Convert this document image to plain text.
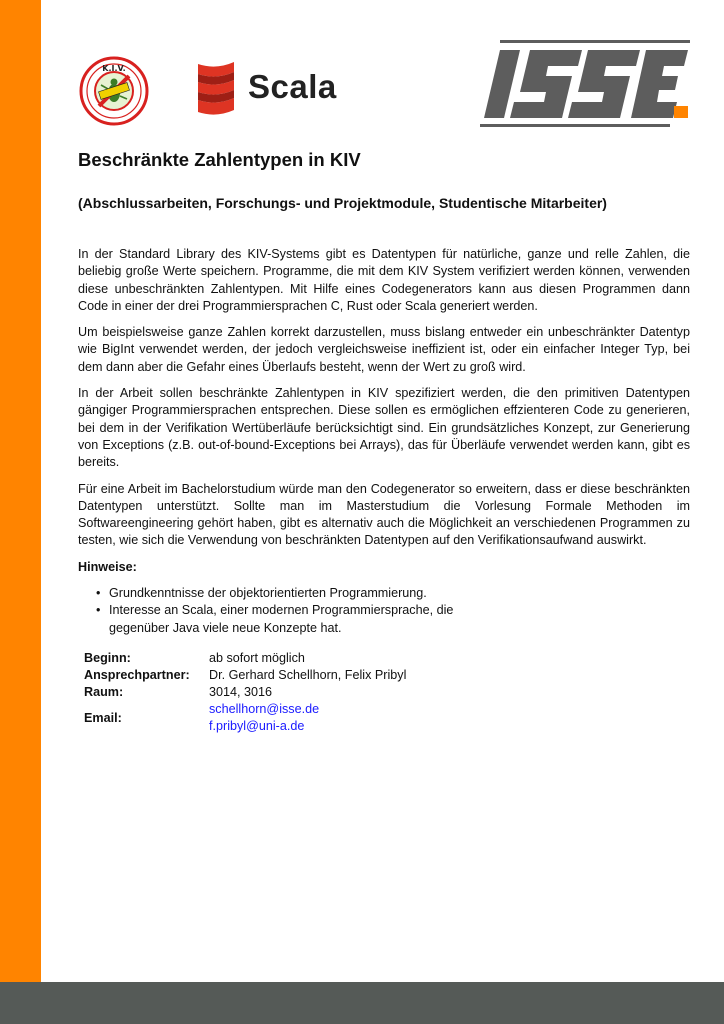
K.I.V.	Scala
Beschränkte Zahlentypen in KIV
(Abschlussarbeiten, Forschungs- und Projektmodule, Studentische Mitarbeiter)

In der Standard Library des KIV-Systems gibt es Datentypen für natürliche, ganze und relle Zahlen, die beliebig große Werte speichern. Programme, die mit dem KIV System verifiziert werden können, verwenden diese unbeschränkten Zahlentypen. Mit Hilfe eines Codegenerators kann aus diesen Programmen dann Code in einer der drei Programmiersprachen C, Rust oder Scala generiert werden.

Um beispielsweise ganze Zahlen korrekt darzustellen, muss bislang entweder ein unbeschränkter Datentyp wie BigInt verwendet werden, der jedoch vergleichsweise ineffizient ist, oder ein einfacher Integer Typ, bei dem dann aber die Gefahr eines Überlaufs besteht, wenn der Wert zu groß wird.

In der Arbeit sollen beschränkte Zahlentypen in KIV spezifiziert werden, die den primitiven Datentypen gängiger Programmiersprachen entsprechen. Diese sollen es ermöglichen effzienteren Code zu generieren, bei dem in der Verifikation Wertüberläufe berücksichtigt sind. Ein grundsätzliches Konzept, zur Generierung von Exceptions (z.B. out-of-bound-Exceptions bei Arrays), das für Überläufe verwendet werden kann, gibt es bereits.

Für eine Arbeit im Bachelorstudium würde man den Codegenerator so erweitern, dass er diese beschränkten Datentypen unterstützt. Sollte man im Masterstudium die Vorlesung Formale Methoden im Softwareengineering gehört haben, gibt es alternativ auch die Möglichkeit an verschiedenen Programmen zu testen, wie sich die Verwendung von beschränkten Datentypen auf den Verifikationsaufwand auswirkt.

Hinweise:

• Grundkenntnisse der objektorientierten Programmierung.
• Interesse an Scala, einer modernen Programmiersprache, die gegenüber Java viele neue Konzepte hat.
Beginn:	ab sofort möglich
Ansprechpartner:	Dr. Gerhard Schellhorn, Felix Pribyl
Raum:	3014, 3016
Email:
schellhorn@isse.de
f.pribyl@uni-a.de
